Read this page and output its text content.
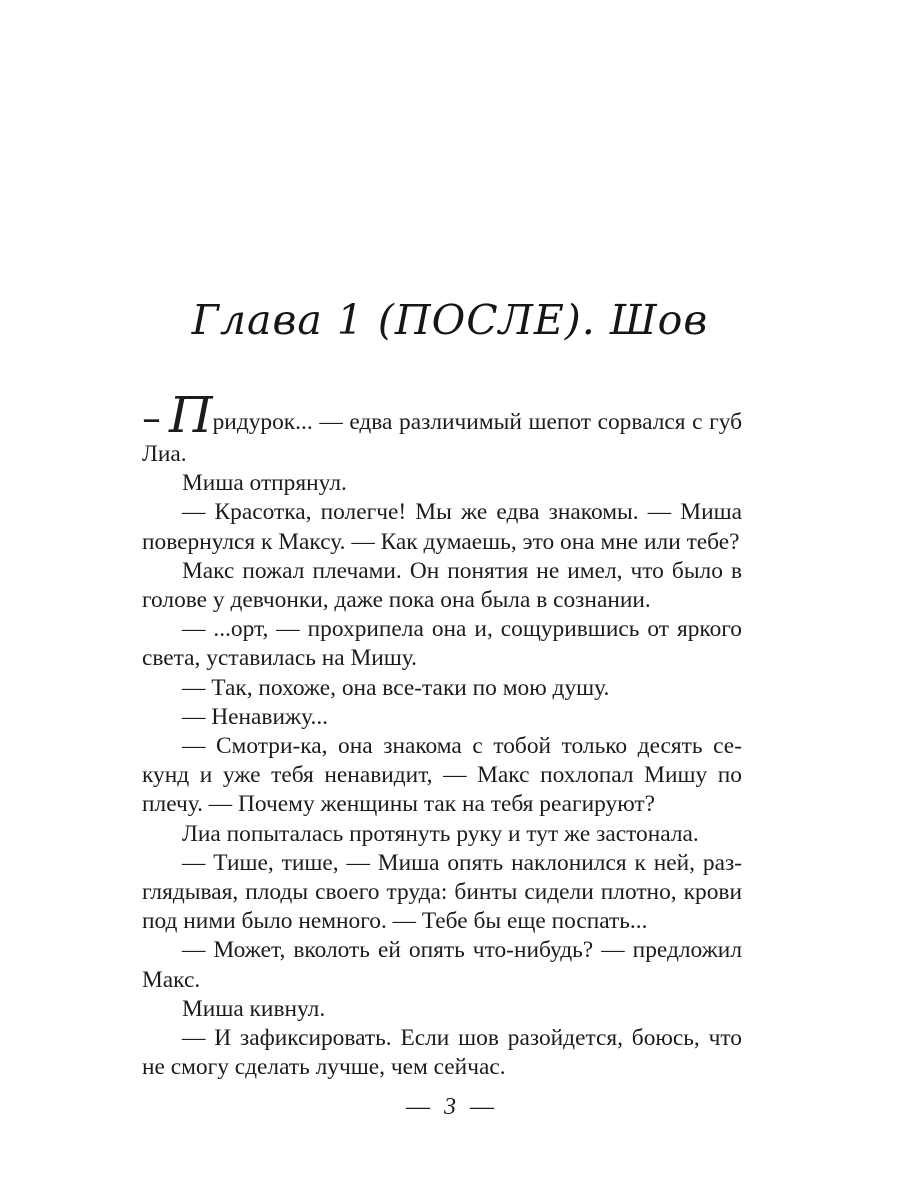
Глава 1 (ПОСЛЕ). Шов

– Придурок... — едва различимый шепот сорвался с губ Лиа.

Миша отпрянул.

— Красотка, полегче! Мы же едва знакомы. — Миша повернулся к Максу. — Как думаешь, это она мне или тебе?

Макс пожал плечами. Он понятия не имел, что было в голове у девчонки, даже пока она была в сознании.

— ...орт, — прохрипела она и, сощурившись от яркого света, уставилась на Мишу.

— Так, похоже, она все-таки по мою душу.

— Ненавижу...

— Смотри-ка, она знакома с тобой только десять секунд и уже тебя ненавидит, — Макс похлопал Мишу по плечу. — Почему женщины так на тебя реагируют?

Лиа попыталась протянуть руку и тут же застонала.

— Тише, тише, — Миша опять наклонился к ней, разглядывая, плоды своего труда: бинты сидели плотно, крови под ними было немного. — Тебе бы еще поспать...

— Может, вколоть ей опять что-нибудь? — предложил Макс.

Миша кивнул.

— И зафиксировать. Если шов разойдется, боюсь, что не смогу сделать лучше, чем сейчас.

— 3 —
